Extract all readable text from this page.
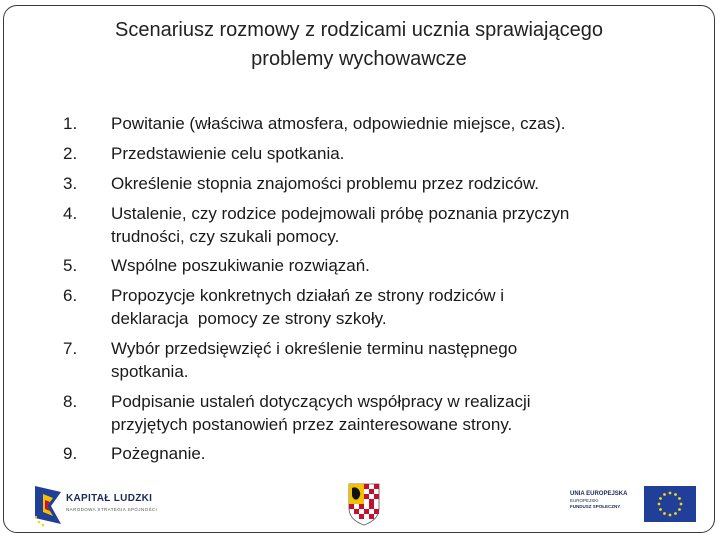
Scenariusz rozmowy z rodzicami ucznia sprawiającego
problemy wychowawcze
1. Powitanie (właściwa atmosfera, odpowiednie miejsce, czas).
2. Przedstawienie celu spotkania.
3. Określenie stopnia znajomości problemu przez rodziców.
4. Ustalenie, czy rodzice podejmowali próbę poznania przyczyn
trudności, czy szukali pomocy.
5. Wspólne poszukiwanie rozwiązań.
6. Propozycje konkretnych działań ze strony rodziców i
deklaracja  pomocy ze strony szkoły.
7. Wybór przedsięwzięć i określenie terminu następnego
spotkania.
8. Podpisanie ustaleń dotyczących współpracy w realizacji
przyjętych postanowień przez zainteresowane strony.
9. Pożegnanie.
KAPITAŁ LUDZKI
NARODOWA STRATEGIA SPÓJNOŚCI
UNIA EUROPEJSKA
EUROPEJSKI
FUNDUSZ SPOŁECZNY
